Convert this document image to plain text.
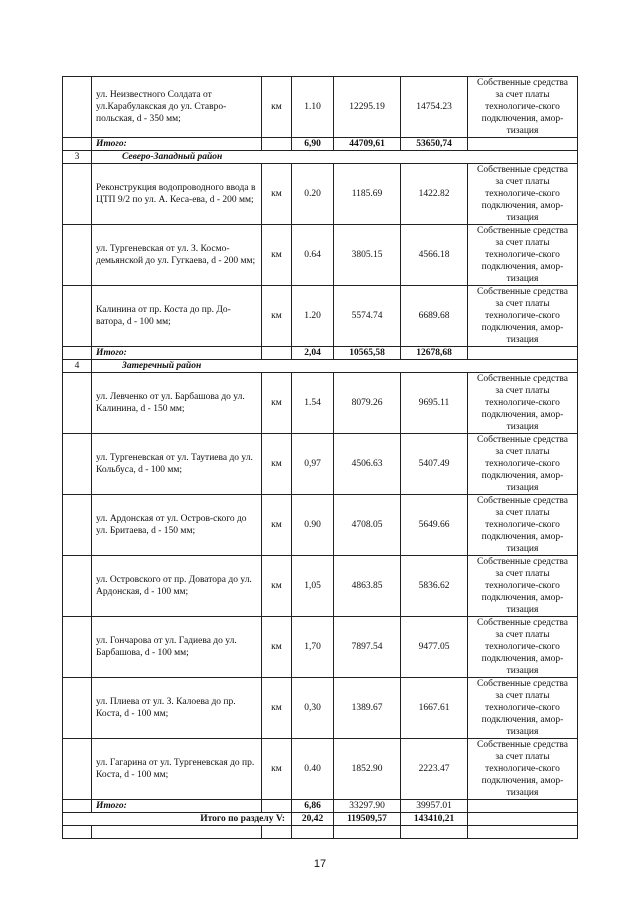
	ул. Неизвестного Солдата от ул.Карабулакская до ул. Ставро-польская, d - 350 мм;	км	1.10	12295.19	14754.23	Собственные средства за счет платы технологиче-ского подключения, амор-тизация
	Итого:		6,90	44709,61	53650,74	
3	Северо-Западный район					
	Реконструкция водопроводного ввода в ЦТП 9/2 по ул. А. Кеса-ева, d - 200 мм;	км	0.20	1185.69	1422.82	Собственные средства за счет платы технологиче-ского подключения, амор-тизация
	ул. Тургеневская от ул. З. Космо-демьянской до ул. Гугкаева, d - 200 мм;	км	0.64	3805.15	4566.18	Собственные средства за счет платы технологиче-ского подключения, амор-тизация
	Калинина от пр. Коста до пр. До-ватора, d - 100 мм;	км	1.20	5574.74	6689.68	Собственные средства за счет платы технологиче-ского подключения, амор-тизация
	Итого:		2,04	10565,58	12678,68	
4	Затеречный район					
	ул. Левченко от ул. Барбашова до ул. Калинина, d - 150 мм;	км	1.54	8079.26	9695.11	Собственные средства за счет платы технологиче-ского подключения, амор-тизация
	ул. Тургеневская от ул. Таутиева до ул. Кольбуса, d - 100 мм;	км	0,97	4506.63	5407.49	Собственные средства за счет платы технологиче-ского подключения, амор-тизация
	ул. Ардонская от ул. Остров-ского до ул. Бритаева, d - 150 мм;	км	0.90	4708.05	5649.66	Собственные средства за счет платы технологиче-ского подключения, амор-тизация
	ул. Островского от пр. Доватора до ул. Ардонская, d - 100 мм;	км	1,05	4863.85	5836.62	Собственные средства за счет платы технологиче-ского подключения, амор-тизация
	ул. Гончарова от ул. Гадиева до ул. Барбашова, d - 100 мм;	км	1,70	7897.54	9477.05	Собственные средства за счет платы технологиче-ского подключения, амор-тизация
	ул. Плиева от ул. З. Калоева до пр. Коста, d - 100 мм;	км	0,30	1389.67	1667.61	Собственные средства за счет платы технологиче-ского подключения, амор-тизация
	ул. Гагарина от ул. Тургеневская до пр. Коста, d - 100 мм;	км	0.40	1852.90	2223.47	Собственные средства за счет платы технологиче-ского подключения, амор-тизация
	Итого:		6,86	33297.90	39957.01	
Итого по разделу V:			20,42	119509,57	143410,21	

17
